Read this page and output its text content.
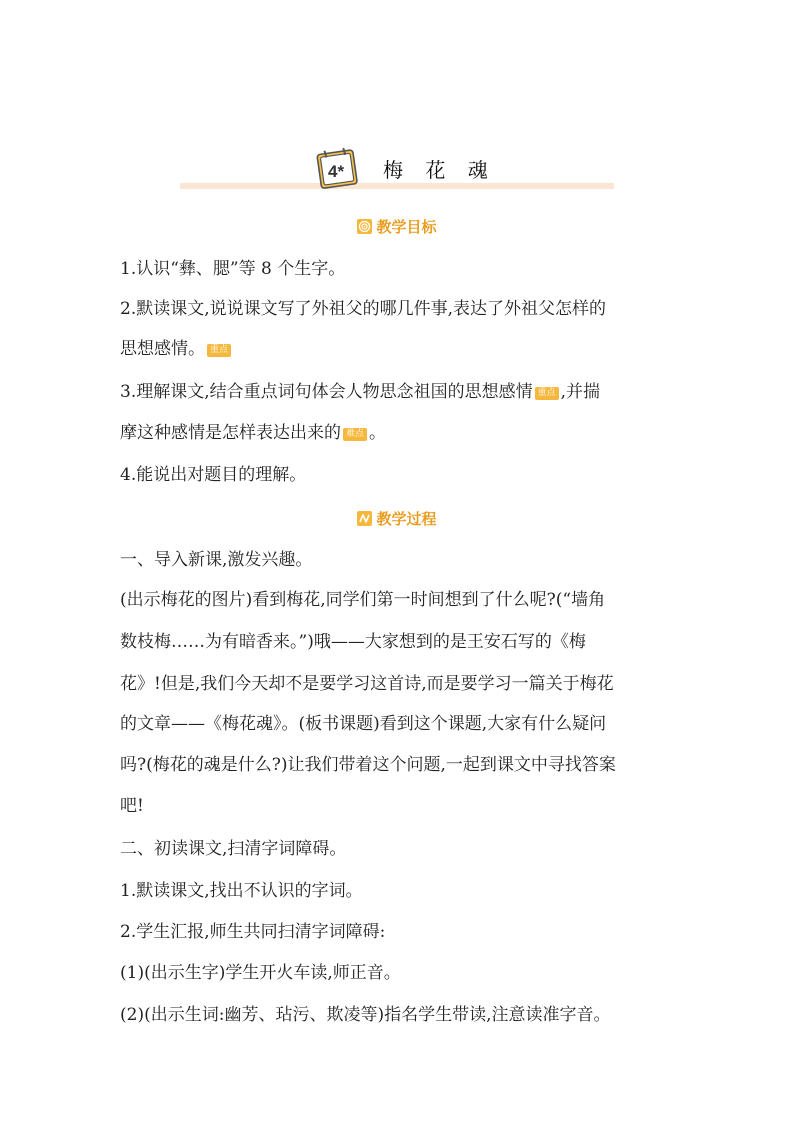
4* 梅 花 魂
教学目标
1.认识“彝、腮”等 8 个生字。
2.默读课文,说说课文写了外祖父的哪几件事,表达了外祖父怎样的
思想感情。 重点
3.理解课文,结合重点词句体会人物思念祖国的思想感情 重点 ,并揣
摩这种感情是怎样表达出来的 难点 。
4.能说出对题目的理解。
教学过程
一、导入新课,激发兴趣。
(出示梅花的图片)看到梅花,同学们第一时间想到了什么呢?(“墙角
数枝梅……为有暗香来。”)哦——大家想到的是王安石写的《梅
花》!但是,我们今天却不是要学习这首诗,而是要学习一篇关于梅花
的文章——《梅花魂》。(板书课题)看到这个课题,大家有什么疑问
吗?(梅花的魂是什么?)让我们带着这个问题,一起到课文中寻找答案
吧!
二、初读课文,扫清字词障碍。
1.默读课文,找出不认识的字词。
2.学生汇报,师生共同扫清字词障碍:
(1)(出示生字)学生开火车读,师正音。
(2)(出示生词:幽芳、玷污、欺凌等)指名学生带读,注意读准字音。
